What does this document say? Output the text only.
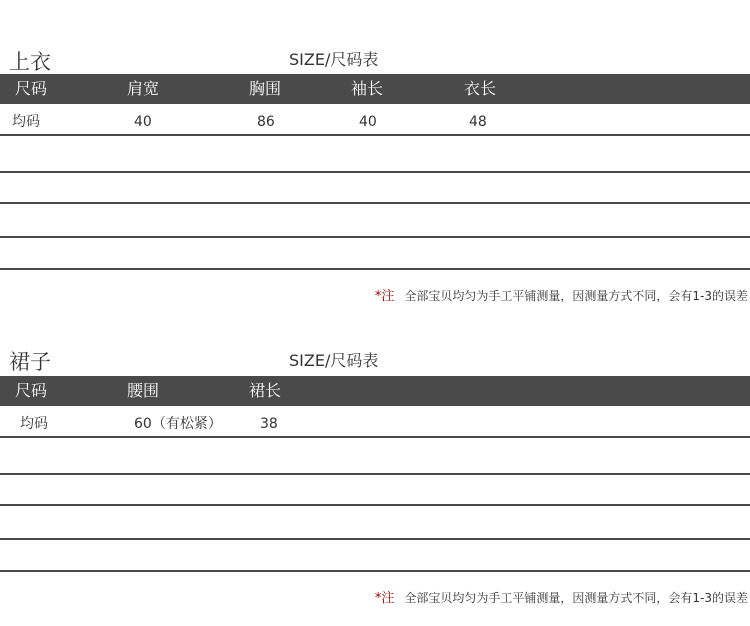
上衣	SIZE/尺码表
尺码	肩宽	胸围	袖长	衣长
均码	40	86	40	48
*注 全部宝贝均匀为手工平铺测量，因测量方式不同，会有1-3的误差
裙子	SIZE/尺码表
尺码	腰围	裙长
均码	60（有松紧）	38
*注 全部宝贝均匀为手工平铺测量，因测量方式不同，会有1-3的误差
